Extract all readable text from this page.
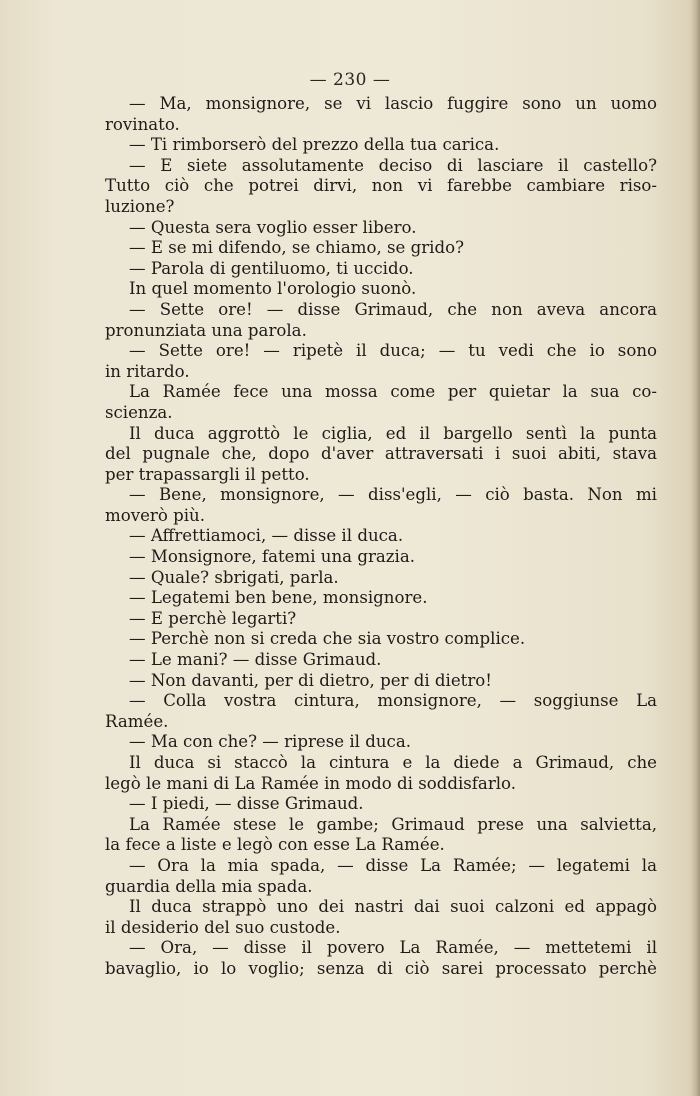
— 230 —
— Ma, monsignore, se vi lascio fuggire sono un uomo
rovinato.
— Ti rimborserò del prezzo della tua carica.
— E siete assolutamente deciso di lasciare il castello?
Tutto ciò che potrei dirvi, non vi farebbe cambiare riso-
luzione?
— Questa sera voglio esser libero.
— E se mi difendo, se chiamo, se grido?
— Parola di gentiluomo, ti uccido.
In quel momento l'orologio suonò.
— Sette ore! — disse Grimaud, che non aveva ancora
pronunziata una parola.
— Sette ore! — ripetè il duca; — tu vedi che io sono
in ritardo.
La Ramée fece una mossa come per quietar la sua co-
scienza.
Il duca aggrottò le ciglia, ed il bargello sentì la punta
del pugnale che, dopo d'aver attraversati i suoi abiti, stava
per trapassargli il petto.
— Bene, monsignore, — diss'egli, — ciò basta. Non mi
moverò più.
— Affrettiamoci, — disse il duca.
— Monsignore, fatemi una grazia.
— Quale? sbrigati, parla.
— Legatemi ben bene, monsignore.
— E perchè legarti?
— Perchè non si creda che sia vostro complice.
— Le mani? — disse Grimaud.
— Non davanti, per di dietro, per di dietro!
— Colla vostra cintura, monsignore, — soggiunse La
Ramée.
— Ma con che? — riprese il duca.
Il duca si staccò la cintura e la diede a Grimaud, che
legò le mani di La Ramée in modo di soddisfarlo.
— I piedi, — disse Grimaud.
La Ramée stese le gambe; Grimaud prese una salvietta,
la fece a liste e legò con esse La Ramée.
— Ora la mia spada, — disse La Ramée; — legatemi la
guardia della mia spada.
Il duca strappò uno dei nastri dai suoi calzoni ed appagò
il desiderio del suo custode.
— Ora, — disse il povero La Ramée, — mettetemi il
bavaglio, io lo voglio; senza di ciò sarei processato perchè
